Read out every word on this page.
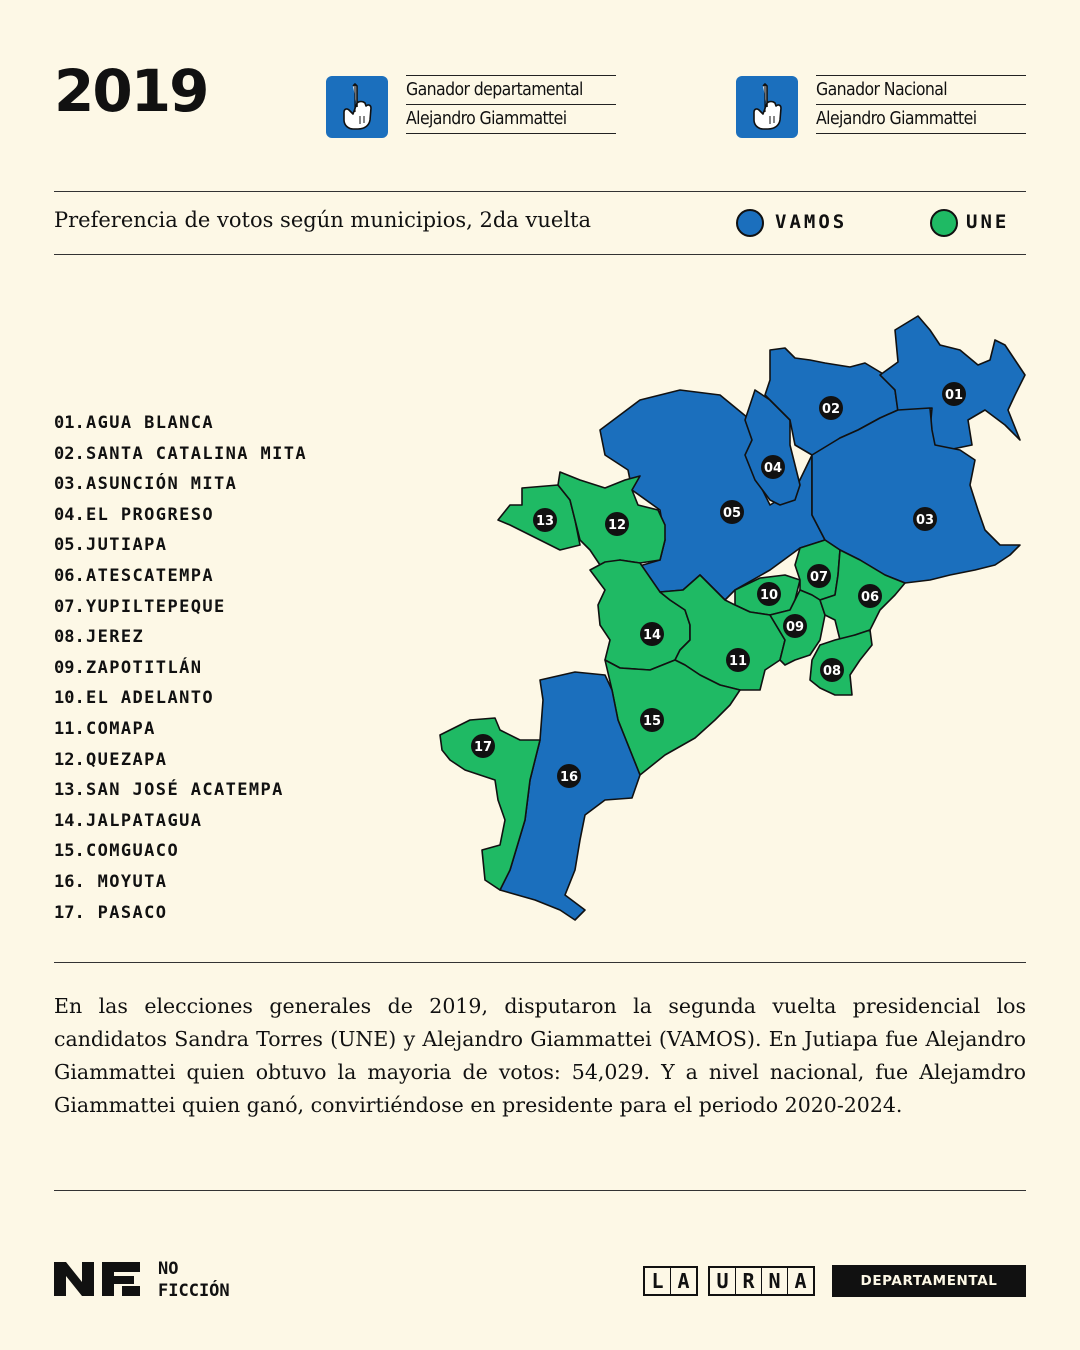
2019	Ganador departamental
Alejandro Giammattei
Ganador Nacional
Alejandro Giammattei
Preferencia de votos según municipios, 2da vuelta	VAMOS	UNE
01.AGUA BLANCA
02.SANTA CATALINA MITA
03.ASUNCIÓN MITA
04.EL PROGRESO
05.JUTIAPA
06.ATESCATEMPA
07.YUPILTEPEQUE
08.JEREZ
09.ZAPOTITLÁN
10.EL ADELANTO
11.COMAPA
12.QUEZAPA
13.SAN JOSÉ ACATEMPA
14.JALPATAGUA
15.COMGUACO
16. MOYUTA
17. PASACO
01
02
03
04
05
06
07
08
09
10
11
12
13
14
15
16
17
En las elecciones generales de 2019, disputaron la segunda vuelta presidencial los candidatos Sandra Torres (UNE) y Alejandro Giammattei (VAMOS). En Jutiapa fue Alejandro Giammattei quien obtuvo la mayoria de votos: 54,029. Y a nivel nacional, fue Alejamdro Giammattei quien ganó, convirtiéndose en presidente para el periodo 2020-2024.
NO
FICCIÓN	L A	U R N A	DEPARTAMENTAL
